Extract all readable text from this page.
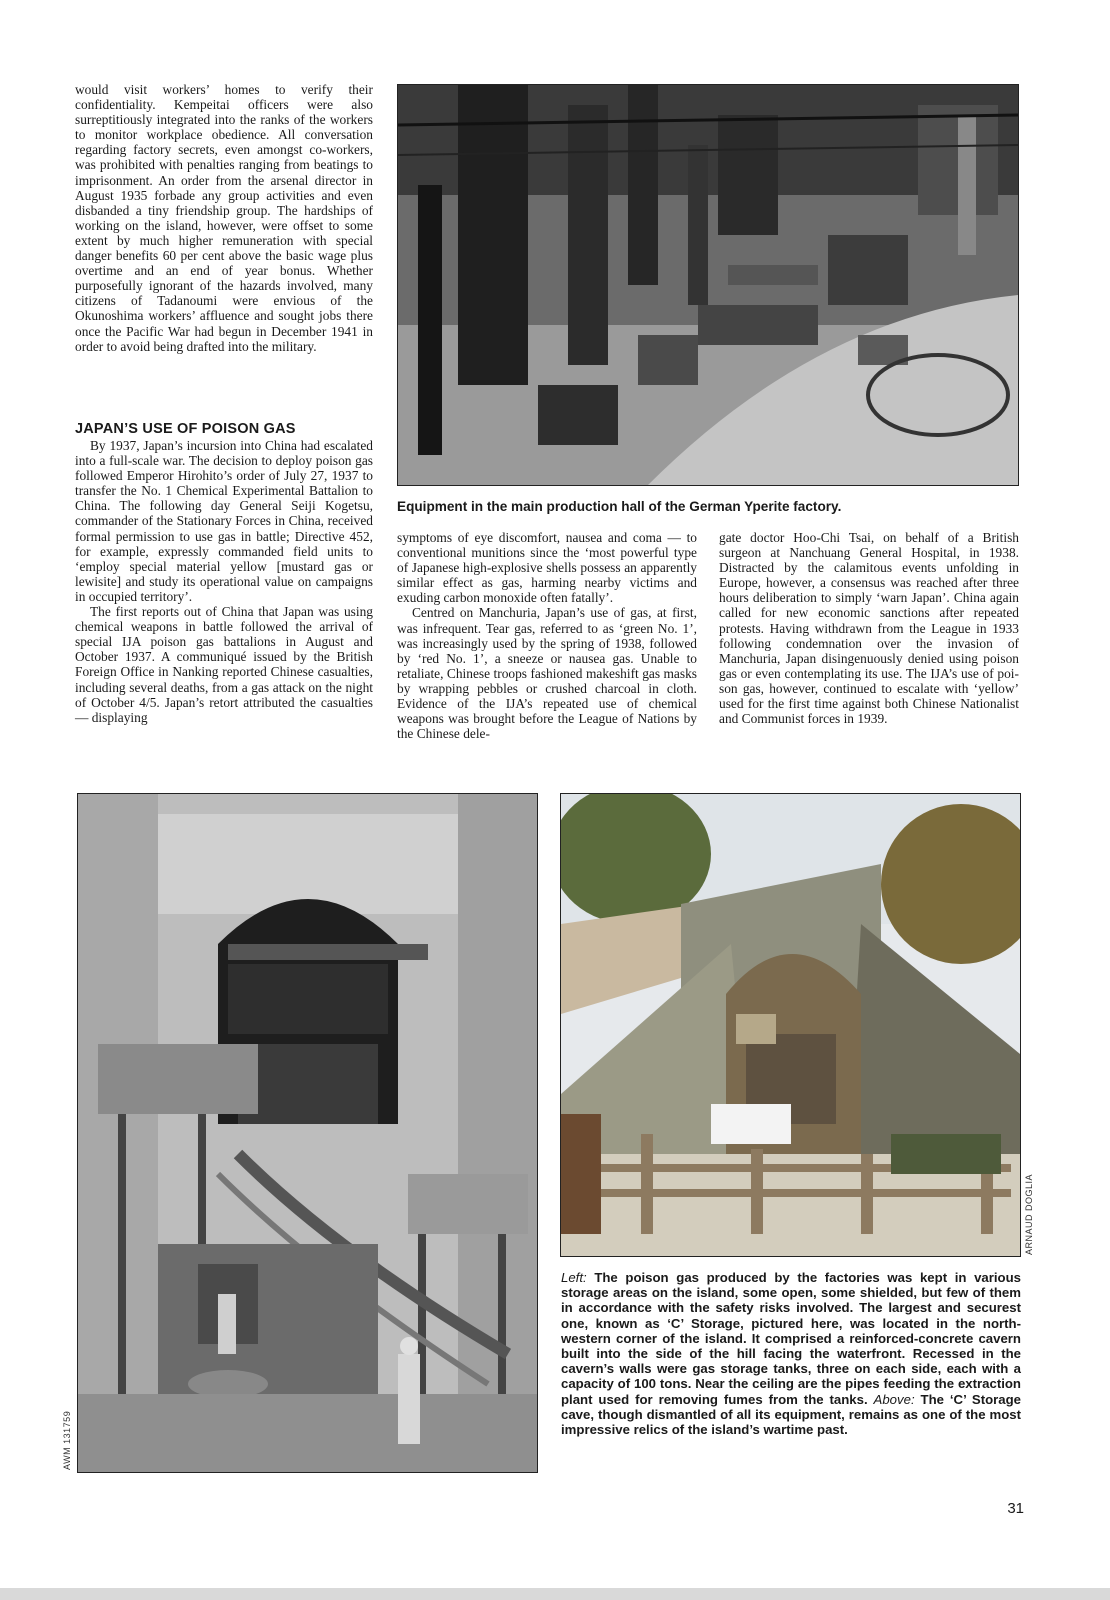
would visit workers’ homes to verify their confidentiality. Kempeitai officers were also surreptitiously integrated into the ranks of the workers to monitor workplace obedience. All conversation regarding factory secrets, even amongst co-workers, was prohibited with penalties ranging from beatings to imprisonment. An order from the arsenal director in August 1935 forbade any group activities and even disbanded a tiny friendship group. The hardships of working on the island, however, were offset to some extent by much higher remuneration with special danger benefits 60 per cent above the basic wage plus overtime and an end of year bonus. Whether purposefully ignorant of the hazards involved, many citizens of Tadanoumi were envious of the Okunoshima workers’ affluence and sought jobs there once the Pacific War had begun in December 1941 in order to avoid being drafted into the military.

JAPAN’S USE OF POISON GAS

By 1937, Japan’s incursion into China had escalated into a full-scale war. The decision to deploy poison gas followed Emperor Hirohito’s order of July 27, 1937 to transfer the No. 1 Chemical Experimental Battalion to China. The following day General Seiji Kogetsu, commander of the Stationary Forces in China, received formal permission to use gas in battle; Directive 452, for example, expressly commanded field units to ‘employ special material yellow [mustard gas or lewisite] and study its operational value on campaigns in occupied territory’.

The first reports out of China that Japan was using chemical weapons in battle followed the arrival of special IJA poison gas battalions in August and October 1937. A communiqué issued by the British Foreign Office in Nanking reported Chinese casualties, including several deaths, from a gas attack on the night of October 4/5. Japan’s retort attributed the casualties — displaying

Equipment in the main production hall of the German Yperite factory.

symptoms of eye discomfort, nausea and coma — to conventional munitions since the ‘most powerful type of Japanese high-explosive shells possess an apparently similar effect as gas, harming nearby victims and exuding carbon monoxide often fatally’.

Centred on Manchuria, Japan’s use of gas, at first, was infrequent. Tear gas, referred to as ‘green No. 1’, was increasingly used by the spring of 1938, followed by ‘red No. 1’, a sneeze or nausea gas. Unable to retaliate, Chinese troops fashioned makeshift gas masks by wrapping pebbles or crushed charcoal in cloth. Evidence of the IJA’s repeated use of chemical weapons was brought before the League of Nations by the Chinese dele-

gate doctor Hoo-Chi Tsai, on behalf of a British surgeon at Nanchuang General Hospital, in 1938. Distracted by the calamitous events unfolding in Europe, however, a consensus was reached after three hours deliberation to simply ‘warn Japan’. China again called for new economic sanctions after repeated protests. Having withdrawn from the League in 1933 following condemnation over the invasion of Manchuria, Japan disingenuously denied using poison gas or even contemplating its use. The IJA’s use of poison gas, however, continued to escalate with ‘yellow’ used for the first time against both Chinese Nationalist and Communist forces in 1939.

AWM 131759
ARNAUD DOGLIA
Left: The poison gas produced by the factories was kept in various storage areas on the island, some open, some shielded, but few of them in accordance with the safety risks involved. The largest and securest one, known as ‘C’ Storage, pictured here, was located in the north-western corner of the island. It comprised a reinforced-concrete cavern built into the side of the hill facing the waterfront. Recessed in the cavern’s walls were gas storage tanks, three on each side, each with a capacity of 100 tons. Near the ceiling are the pipes feeding the extraction plant used for removing fumes from the tanks. Above: The ‘C’ Storage cave, though dismantled of all its equipment, remains as one of the most impressive relics of the island’s wartime past.
31
